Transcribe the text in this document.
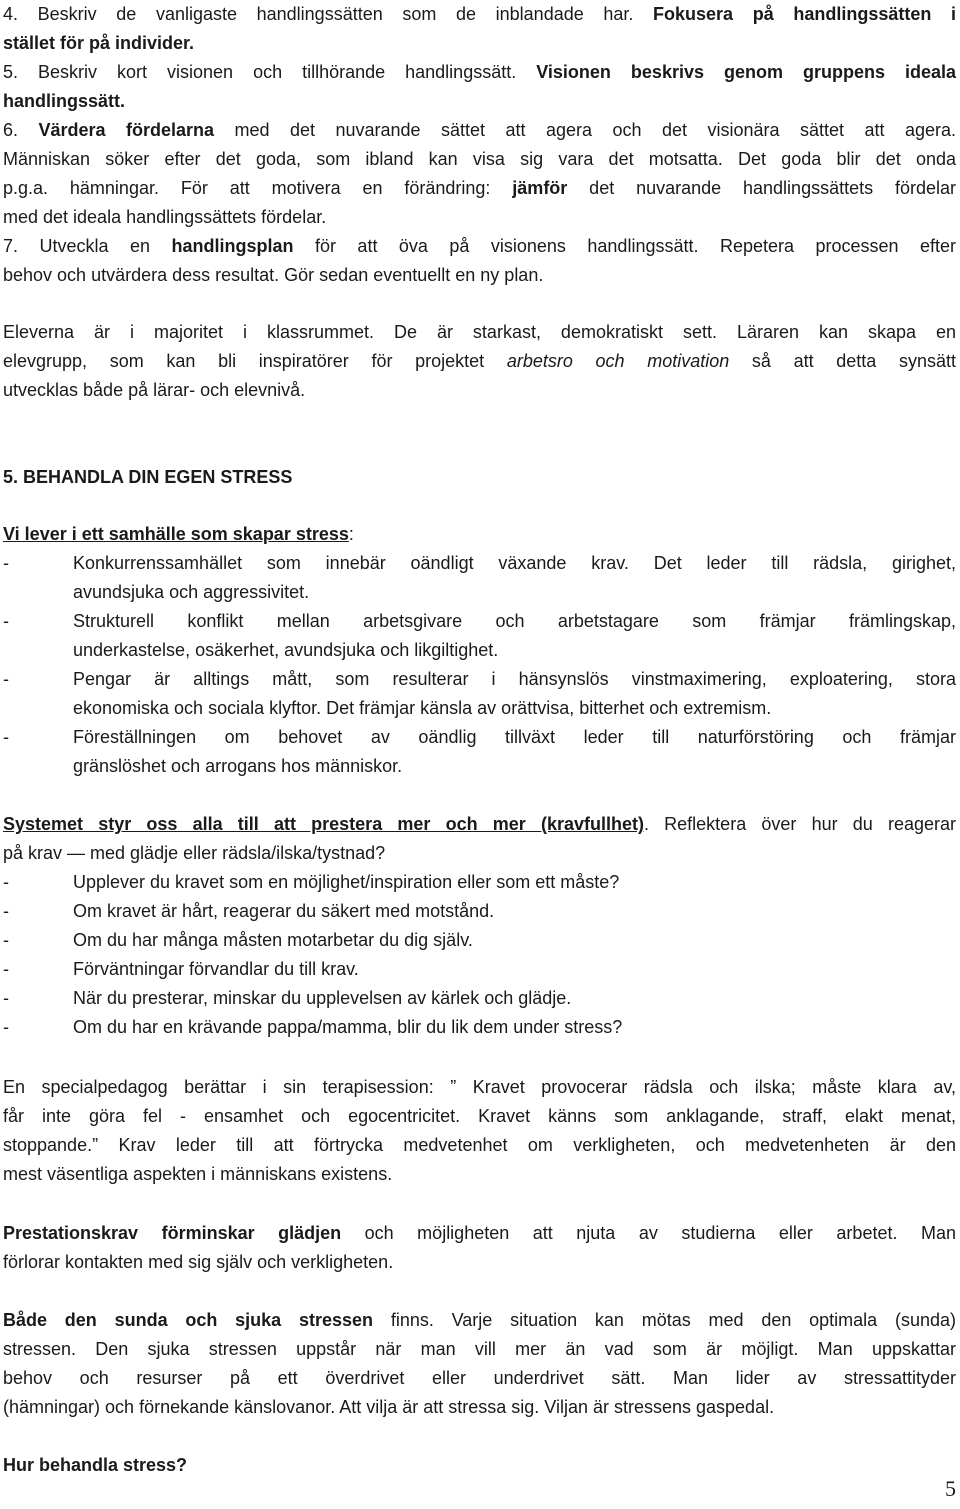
4. Beskriv de vanligaste handlingssätten som de inblandade har. Fokusera på handlingssätten i
stället för på individer.
5. Beskriv kort visionen och tillhörande handlingssätt. Visionen beskrivs genom gruppens ideala
handlingssätt.
6. Värdera fördelarna med det nuvarande sättet att agera och det visionära sättet att agera.
Människan söker efter det goda, som ibland kan visa sig vara det motsatta. Det goda blir det onda
p.g.a. hämningar. För att motivera en förändring: jämför det nuvarande handlingssättets fördelar
med det ideala handlingssättets fördelar.
7. Utveckla en handlingsplan för att öva på visionens handlingssätt. Repetera processen efter
behov och utvärdera dess resultat. Gör sedan eventuellt en ny plan.
Eleverna är i majoritet i klassrummet. De är starkast, demokratiskt sett. Läraren kan skapa en
elevgrupp, som kan bli inspiratörer för projektet arbetsro och motivation så att detta synsätt
utvecklas både på lärar- och elevnivå.
5. BEHANDLA DIN EGEN STRESS
Vi lever i ett samhälle som skapar stress:
-	Konkurrenssamhället som innebär oändligt växande krav. Det leder till rädsla, girighet,
avundsjuka och aggressivitet.
-	Strukturell konflikt mellan arbetsgivare och arbetstagare som främjar främlingskap,
underkastelse, osäkerhet, avundsjuka och likgiltighet.
-	Pengar är alltings mått, som resulterar i hänsynslös vinstmaximering, exploatering, stora
ekonomiska och sociala klyftor. Det främjar känsla av orättvisa, bitterhet och extremism.
-	Föreställningen om behovet av oändlig tillväxt leder till naturförstöring och främjar
gränslöshet och arrogans hos människor.
Systemet styr oss alla till att prestera mer och mer (kravfullhet). Reflektera över hur du reagerar
på krav — med glädje eller rädsla/ilska/tystnad?
-	Upplever du kravet som en möjlighet/inspiration eller som ett måste?
-	Om kravet är hårt, reagerar du säkert med motstånd.
-	Om du har många måsten motarbetar du dig själv.
-	Förväntningar förvandlar du till krav.
-	När du presterar, minskar du upplevelsen av kärlek och glädje.
-	Om du har en krävande pappa/mamma, blir du lik dem under stress?
En specialpedagog berättar i sin terapisession: ” Kravet provocerar rädsla och ilska; måste klara av,
får inte göra fel - ensamhet och egocentricitet. Kravet känns som anklagande, straff, elakt menat,
stoppande.” Krav leder till att förtrycka medvetenhet om verkligheten, och medvetenheten är den
mest väsentliga aspekten i människans existens.
Prestationskrav förminskar glädjen och möjligheten att njuta av studierna eller arbetet. Man
förlorar kontakten med sig själv och verkligheten.
Både den sunda och sjuka stressen finns. Varje situation kan mötas med den optimala (sunda)
stressen. Den sjuka stressen uppstår när man vill mer än vad som är möjligt. Man uppskattar
behov och resurser på ett överdrivet eller underdrivet sätt. Man lider av stressattityder
(hämningar) och förnekande känslovanor. Att vilja är att stressa sig. Viljan är stressens gaspedal.
Hur behandla stress?
5
